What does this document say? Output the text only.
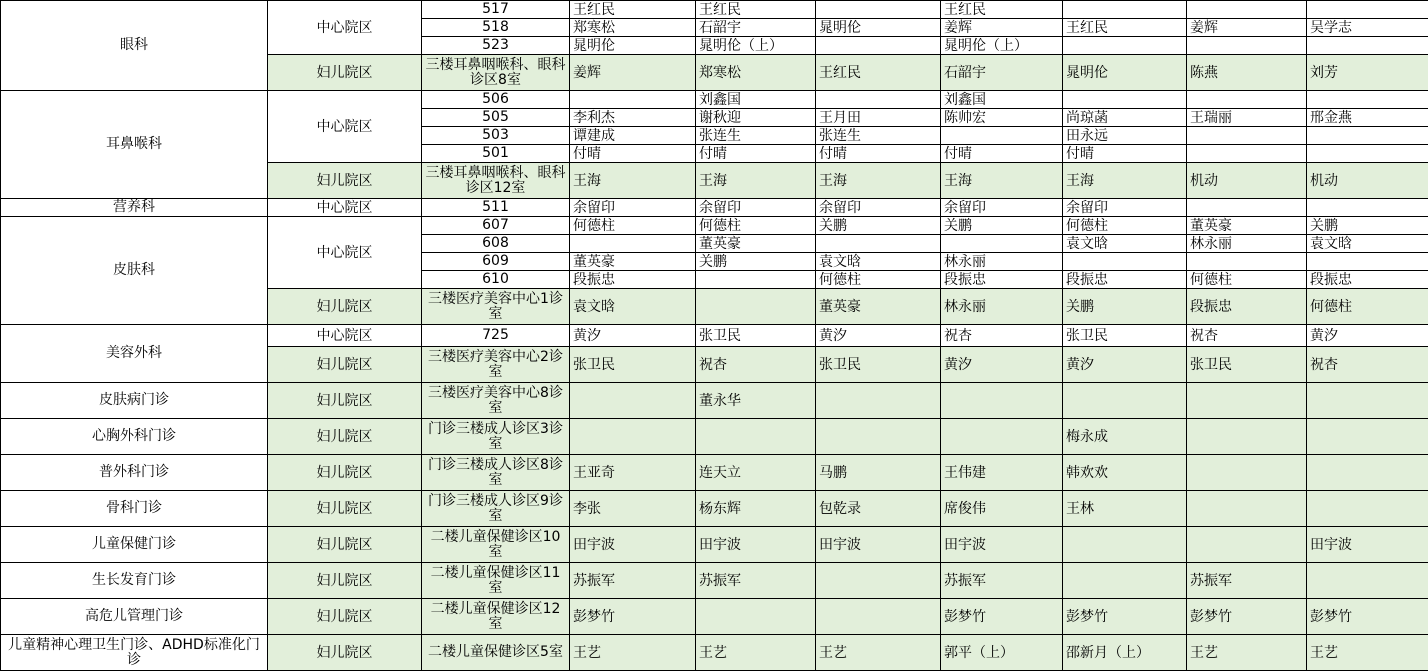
眼科	中心院区	517	王红民	王红民		王红民			
		518	郑寒松	石韶宇	晁明伦	姜辉	王红民	姜辉	吴学志
		523	晁明伦	晁明伦（上）		晁明伦（上）			
	妇儿院区	三楼耳鼻咽喉科、眼科诊区8室	姜辉	郑寒松	王红民	石韶宇	晁明伦	陈燕	刘芳
耳鼻喉科	中心院区	506		刘鑫国		刘鑫国			
		505	李利杰	谢秋迎	王月田	陈帅宏	尚琼菡	王瑞丽	邢金燕
		503	谭建成	张连生	张连生		田永远		
		501	付晴	付晴	付晴	付晴	付晴		
	妇儿院区	三楼耳鼻咽喉科、眼科诊区12室	王海	王海	王海	王海	王海	机动	机动
营养科	中心院区	511	余留印	余留印	余留印	余留印	余留印		
皮肤科	中心院区	607	何德柱	何德柱	关鹏	关鹏	何德柱	董英豪	关鹏
		608		董英豪			袁文晗	林永丽	袁文晗
		609	董英豪	关鹏	袁文晗	林永丽			
		610	段振忠		何德柱	段振忠	段振忠	何德柱	段振忠
	妇儿院区	三楼医疗美容中心1诊室	袁文晗		董英豪	林永丽	关鹏	段振忠	何德柱
美容外科	中心院区	725	黄汐	张卫民	黄汐	祝杏	张卫民	祝杏	黄汐
	妇儿院区	三楼医疗美容中心2诊室	张卫民	祝杏	张卫民	黄汐	黄汐	张卫民	祝杏
皮肤病门诊	妇儿院区	三楼医疗美容中心8诊室		董永华					
心胸外科门诊	妇儿院区	门诊三楼成人诊区3诊室					梅永成		
普外科门诊	妇儿院区	门诊三楼成人诊区8诊室	王亚奇	连天立	马鹏	王伟建	韩欢欢		
骨科门诊	妇儿院区	门诊三楼成人诊区9诊室	李张	杨东辉	包乾录	席俊伟	王林		
儿童保健门诊	妇儿院区	二楼儿童保健诊区10室	田宇波	田宇波	田宇波	田宇波			田宇波
生长发育门诊	妇儿院区	二楼儿童保健诊区11室	苏振军	苏振军		苏振军		苏振军	
高危儿管理门诊	妇儿院区	二楼儿童保健诊区12室	彭梦竹			彭梦竹	彭梦竹	彭梦竹	彭梦竹
儿童精神心理卫生门诊、ADHD标准化门诊	妇儿院区	二楼儿童保健诊区5室	王艺	王艺	王艺	郭平（上）	邵新月（上）	王艺	王艺
